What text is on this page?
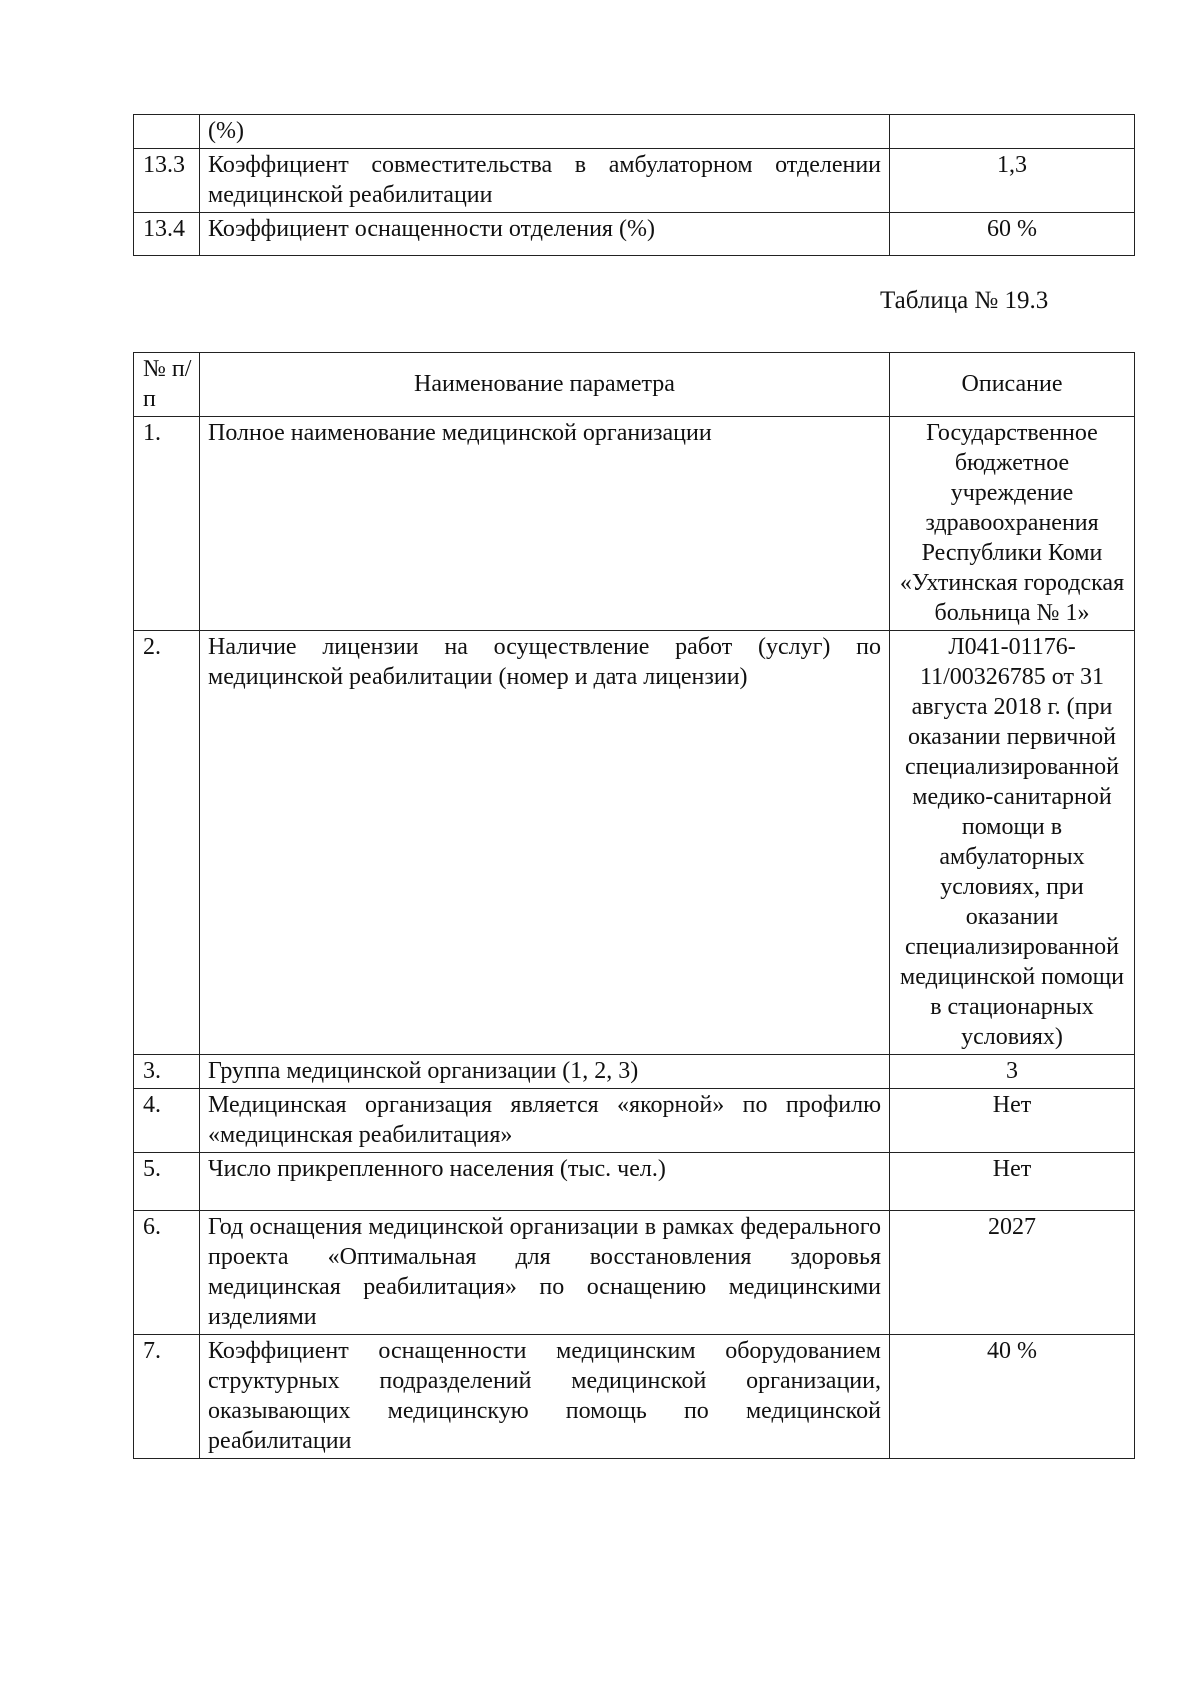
	(%)	
13.3	Коэффициент совместительства в амбулаторном отделении медицинской реабилитации	1,3
13.4	Коэффициент оснащенности отделения (%)	60 %
Таблица № 19.3
№ п/п	Наименование параметра	Описание
1.	Полное наименование медицинской организации	Государственное бюджетное учреждение здравоохранения Республики Коми «Ухтинская городская больница № 1»
2.	Наличие лицензии на осуществление работ (услуг) по медицинской реабилитации (номер и дата лицензии)	Л041-01176-11/00326785 от 31 августа 2018 г. (при оказании первичной специализированной медико-санитарной помощи в амбулаторных условиях, при оказании специализированной медицинской помощи в стационарных условиях)
3.	Группа медицинской организации (1, 2, 3)	3
4.	Медицинская организация является «якорной» по профилю «медицинская реабилитация»	Нет
5.	Число прикрепленного населения (тыс. чел.)	Нет
6.	Год оснащения медицинской организации в рамках федерального проекта «Оптимальная для восстановления здоровья медицинская реабилитация» по оснащению медицинскими изделиями	2027
7.	Коэффициент оснащенности медицинским оборудованием структурных подразделений медицинской организации, оказывающих медицинскую помощь по медицинской реабилитации	40 %
